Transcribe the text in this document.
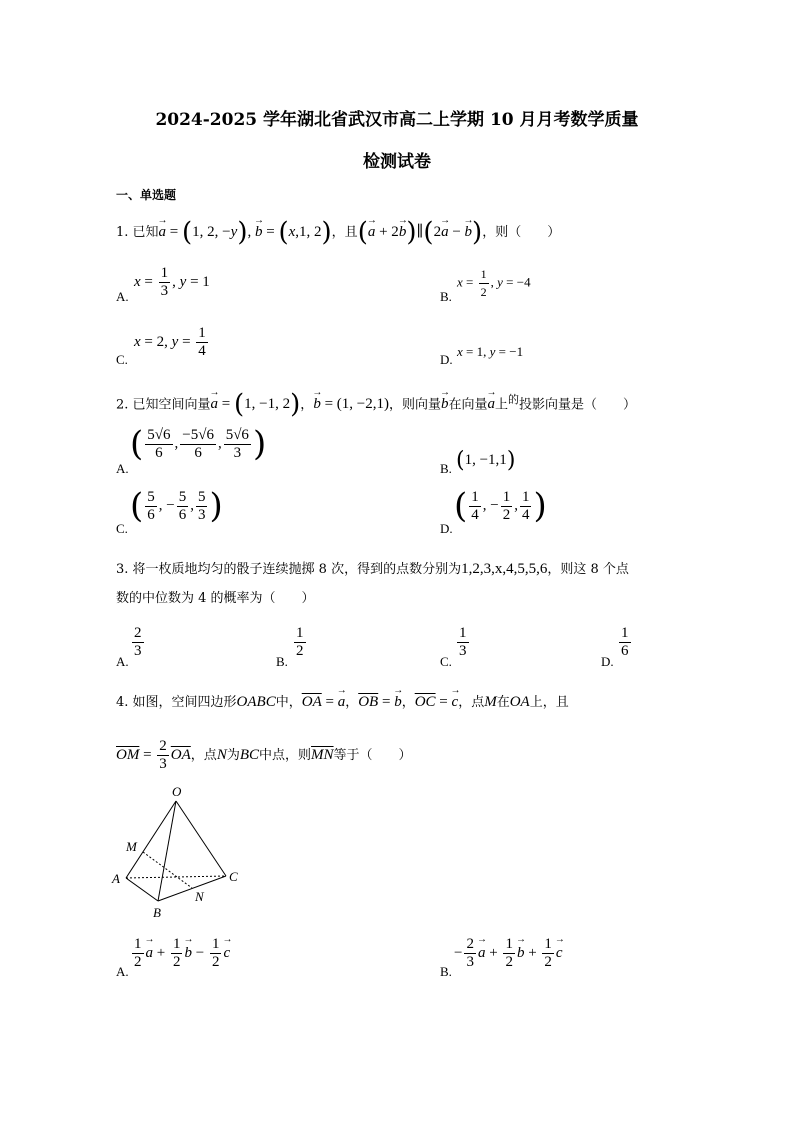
2024-2025 学年湖北省武汉市高二上学期 10 月月考数学质量
检测试卷
一、单选题
1. 已知→ a = (1, 2, −y), → b = (x,1, 2)，且(→ a + 2→ b)∥(2→ a − → b)，则（　　）
A.
$x = \frac{1}{3}$ , y = 1
B.
$x = \frac{1}{2}$ , y = −4
C.
x = 2, $y = \frac{1}{4}$	D.
x = 1, y = −1
2. 已知空间向量→ a = (1, −1, 2)，→ b = (1, −2,1)，则向量→ b在向量→ a上$^的$投影向量是（　　）
A.
( $\frac{5√6}{6}$ , $\frac{-5√6}{6}$ , $\frac{5√6}{3}$ )
B. (1, −1,1)
C.
( $\frac{5}{6}$ , − $\frac{5}{6}$ , $\frac{5}{3}$ )
D.
( $\frac{1}{4}$ , − $\frac{1}{2}$ , $\frac{1}{4}$ )
3. 将一枚质地均匀的骰子连续抛掷 8 次，得到的点数分别为1,2,3,x,4,5,5,6，则这 8 个点
数的中位数为 4 的概率为（　　）
A.
$\frac{2}{3}$
B.
$\frac{1}{2}$
C.
$\frac{1}{3}$
D.
$\frac{1}{6}$
4. 如图，空间四边形OABC中，$\overline{OA}$ = → a，$\overline{OB}$ = → b，$\overline{OC}$ = → c，点M在OA上，且
$\overline{OM} = \frac{2}{3} \overline{OA}$，点N为BC中点，则$\overline{MN}$等于（　　）
O
M
A	C
B
N
A.
$\frac{1}{2} \to a + \frac{1}{2} \to b - \frac{1}{2} \to c$
B.
− $\frac{2}{3} \to a + \frac{1}{2} \to b + \frac{1}{2} \to c$
